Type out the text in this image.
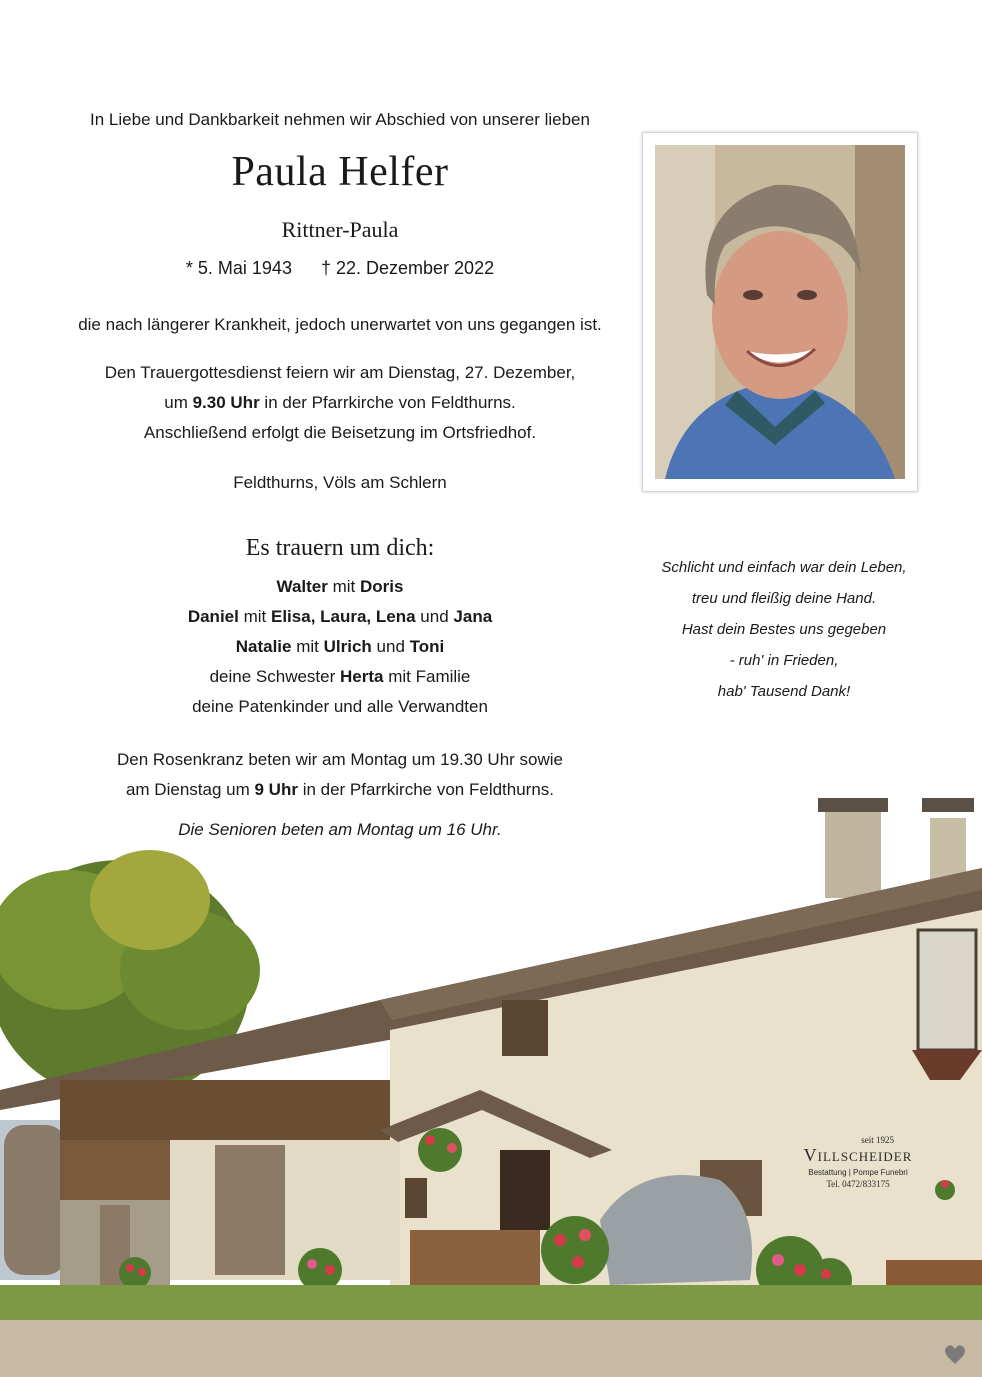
In Liebe und Dankbarkeit nehmen wir Abschied von unserer lieben
Paula Helfer
Rittner-Paula
* 5. Mai 1943 † 22. Dezember 2022
die nach längerer Krankheit, jedoch unerwartet von uns gegangen ist.
Den Trauergottesdienst feiern wir am Dienstag, 27. Dezember,
um 9.30 Uhr in der Pfarrkirche von Feldthurns.
Anschließend erfolgt die Beisetzung im Ortsfriedhof.
Feldthurns, Völs am Schlern
Es trauern um dich:
Walter mit Doris
Daniel mit Elisa, Laura, Lena und Jana
Natalie mit Ulrich und Toni
deine Schwester Herta mit Familie
deine Patenkinder und alle Verwandten
Den Rosenkranz beten wir am Montag um 19.30 Uhr sowie
am Dienstag um 9 Uhr in der Pfarrkirche von Feldthurns.
Die Senioren beten am Montag um 16 Uhr.
Schlicht und einfach war dein Leben,
treu und fleißig deine Hand.
Hast dein Bestes uns gegeben
- ruh' in Frieden,
hab' Tausend Dank!
seit 1925
Villscheider
Bestattung | Pompe Funebri
Tel. 0472/833175
